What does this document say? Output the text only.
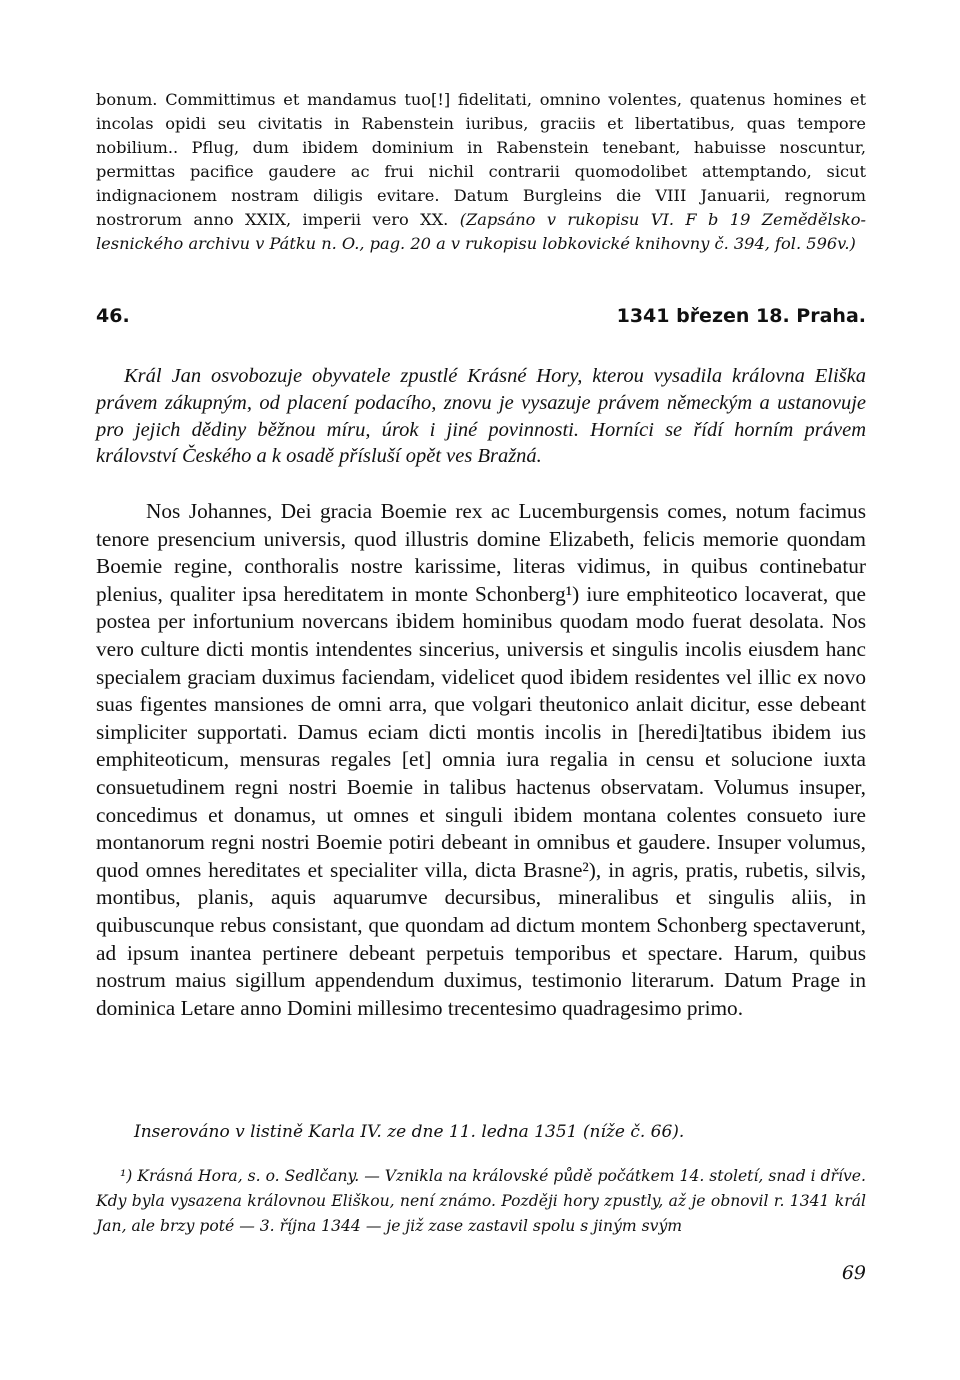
bonum. Committimus et mandamus tuo[!] fidelitati, omnino volentes, quatenus homines et incolas opidi seu civitatis in Rabenstein iuribus, graciis et libertatibus, quas tempore nobilium.. Pflug, dum ibidem dominium in Rabenstein tenebant, habuisse noscuntur, permittas pacifice gaudere ac frui nichil contrarii quomodolibet attemptando, sicut indignacionem nostram diligis evitare. Datum Burgleins die VIII Januarii, regnorum nostrorum anno XXIX, imperii vero XX. (Zapsáno v rukopisu VI. F b 19 Zemědělsko-lesnického archivu v Pátku n. O., pag. 20 a v rukopisu lobkovické knihovny č. 394, fol. 596v.)
46.	1341 březen 18. Praha.
Král Jan osvobozuje obyvatele zpustlé Krásné Hory, kterou vysadila královna Eliška právem zákupným, od placení podacího, znovu je vysazuje právem německým a ustanovuje pro jejich dědiny běžnou míru, úrok i jiné povinnosti. Horníci se řídí horním právem království Českého a k osadě přísluší opět ves Bražná.
Nos Johannes, Dei gracia Boemie rex ac Lucemburgensis comes, notum facimus tenore presencium universis, quod illustris domine Elizabeth, felicis memorie quondam Boemie regine, conthoralis nostre karissime, literas vidimus, in quibus continebatur plenius, qualiter ipsa hereditatem in monte Schonberg¹) iure emphiteotico locaverat, que postea per infortunium novercans ibidem hominibus quodam modo fuerat desolata. Nos vero culture dicti montis intendentes sincerius, universis et singulis incolis eiusdem hanc specialem graciam duximus faciendam, videlicet quod ibidem residentes vel illic ex novo suas figentes mansiones de omni arra, que volgari theutonico anlait dicitur, esse debeant simpliciter supportati. Damus eciam dicti montis incolis in [heredi]tatibus ibidem ius emphiteoticum, mensuras regales [et] omnia iura regalia in censu et solucione iuxta consuetudinem regni nostri Boemie in talibus hactenus observatam. Volumus insuper, concedimus et donamus, ut omnes et singuli ibidem montana colentes consueto iure montanorum regni nostri Boemie potiri debeant in omnibus et gaudere. Insuper volumus, quod omnes hereditates et specialiter villa, dicta Brasne²), in agris, pratis, rubetis, silvis, montibus, planis, aquis aquarumve decursibus, mineralibus et singulis aliis, in quibuscunque rebus consistant, que quondam ad dictum montem Schonberg spectaverunt, ad ipsum inantea pertinere debeant perpetuis temporibus et spectare. Harum, quibus nostrum maius sigillum appendendum duximus, testimonio literarum. Datum Prage in dominica Letare anno Domini millesimo trecentesimo quadragesimo primo.
Inserováno v listině Karla IV. ze dne 11. ledna 1351 (níže č. 66).
¹) Krásná Hora, s. o. Sedlčany. — Vznikla na královské půdě počátkem 14. století, snad i dříve. Kdy byla vysazena královnou Eliškou, není známo. Později hory zpustly, až je obnovil r. 1341 král Jan, ale brzy poté — 3. října 1344 — je již zase zastavil spolu s jiným svým
69
